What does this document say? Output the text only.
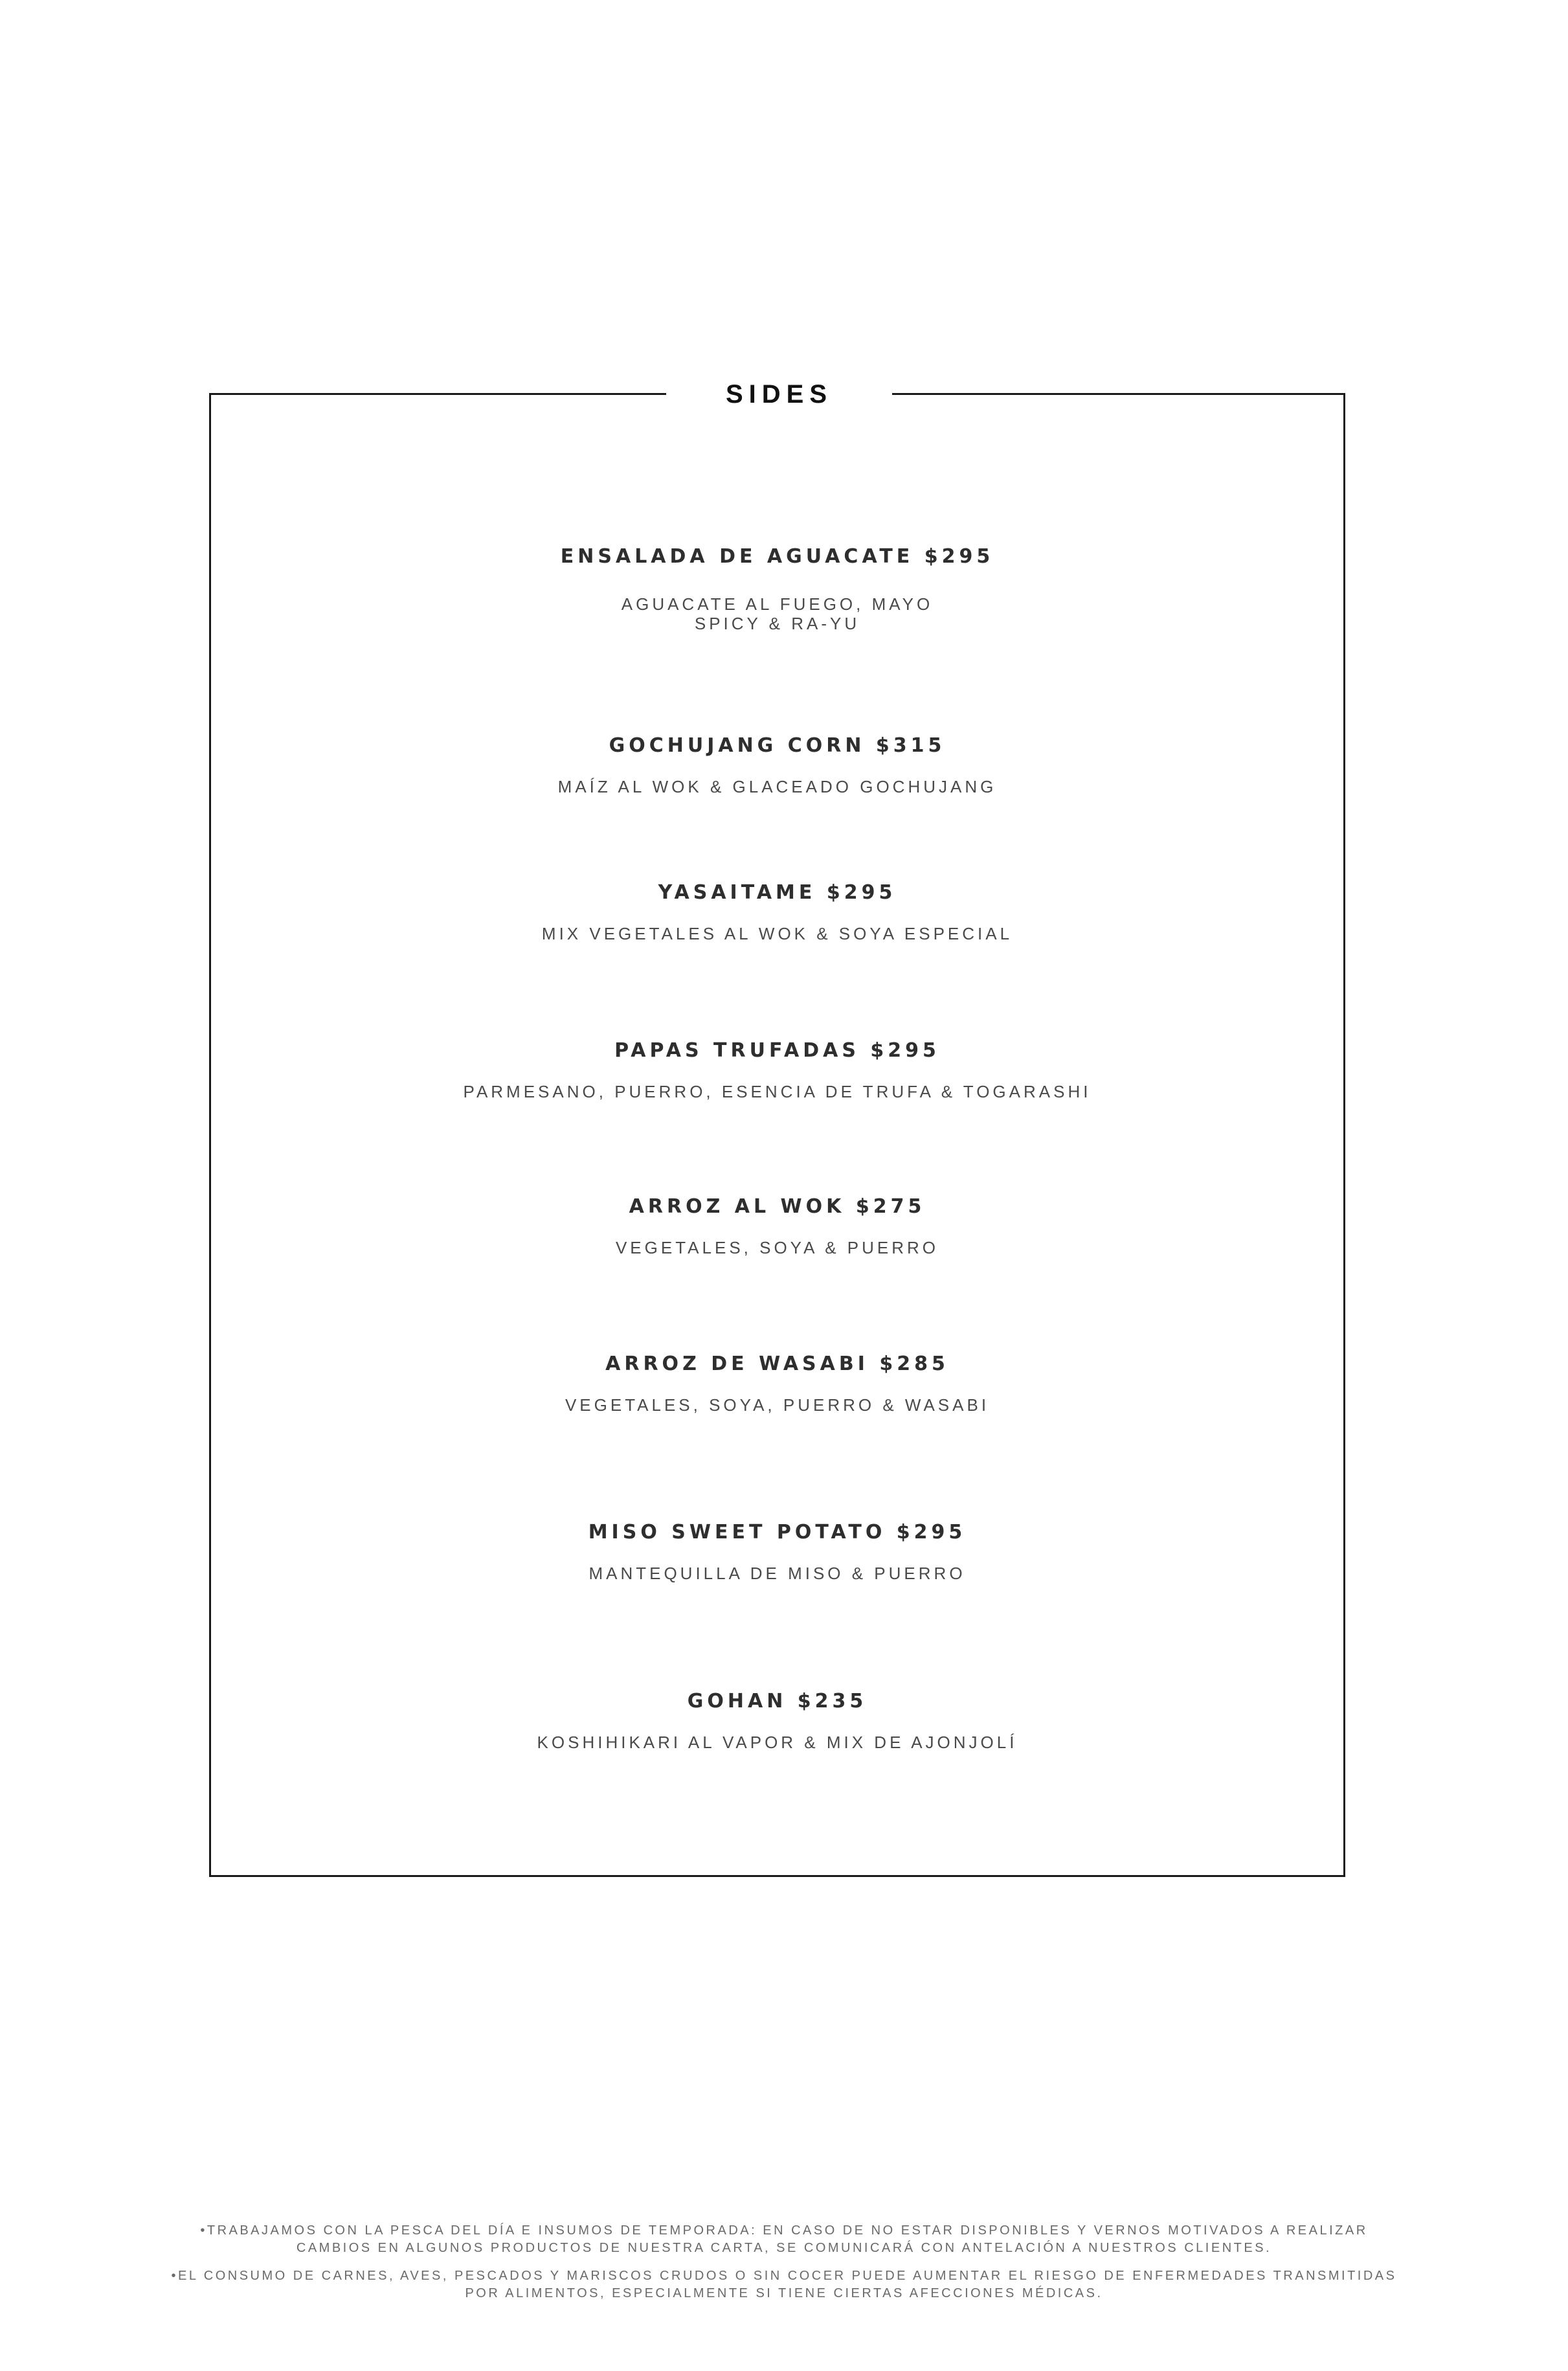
SIDES
ENSALADA DE AGUACATE $295
AGUACATE AL FUEGO, MAYO
SPICY & RA-YU
GOCHUJANG CORN $315
MAÍZ AL WOK & GLACEADO GOCHUJANG
YASAITAME $295
MIX VEGETALES AL WOK & SOYA ESPECIAL
PAPAS TRUFADAS $295
PARMESANO, PUERRO, ESENCIA DE TRUFA & TOGARASHI
ARROZ AL WOK $275
VEGETALES, SOYA & PUERRO
ARROZ DE WASABI $285
VEGETALES, SOYA, PUERRO & WASABI
MISO SWEET POTATO $295
MANTEQUILLA DE MISO & PUERRO
GOHAN $235
KOSHIHIKARI AL VAPOR & MIX DE AJONJOLÍ
•TRABAJAMOS CON LA PESCA DEL DÍA E INSUMOS DE TEMPORADA: EN CASO DE NO ESTAR DISPONIBLES Y VERNOS MOTIVADOS A REALIZAR
CAMBIOS EN ALGUNOS PRODUCTOS DE NUESTRA CARTA, SE COMUNICARÁ CON ANTELACIÓN A NUESTROS CLIENTES.
•EL CONSUMO DE CARNES, AVES, PESCADOS Y MARISCOS CRUDOS O SIN COCER PUEDE AUMENTAR EL RIESGO DE ENFERMEDADES TRANSMITIDAS
POR ALIMENTOS, ESPECIALMENTE SI TIENE CIERTAS AFECCIONES MÉDICAS.
